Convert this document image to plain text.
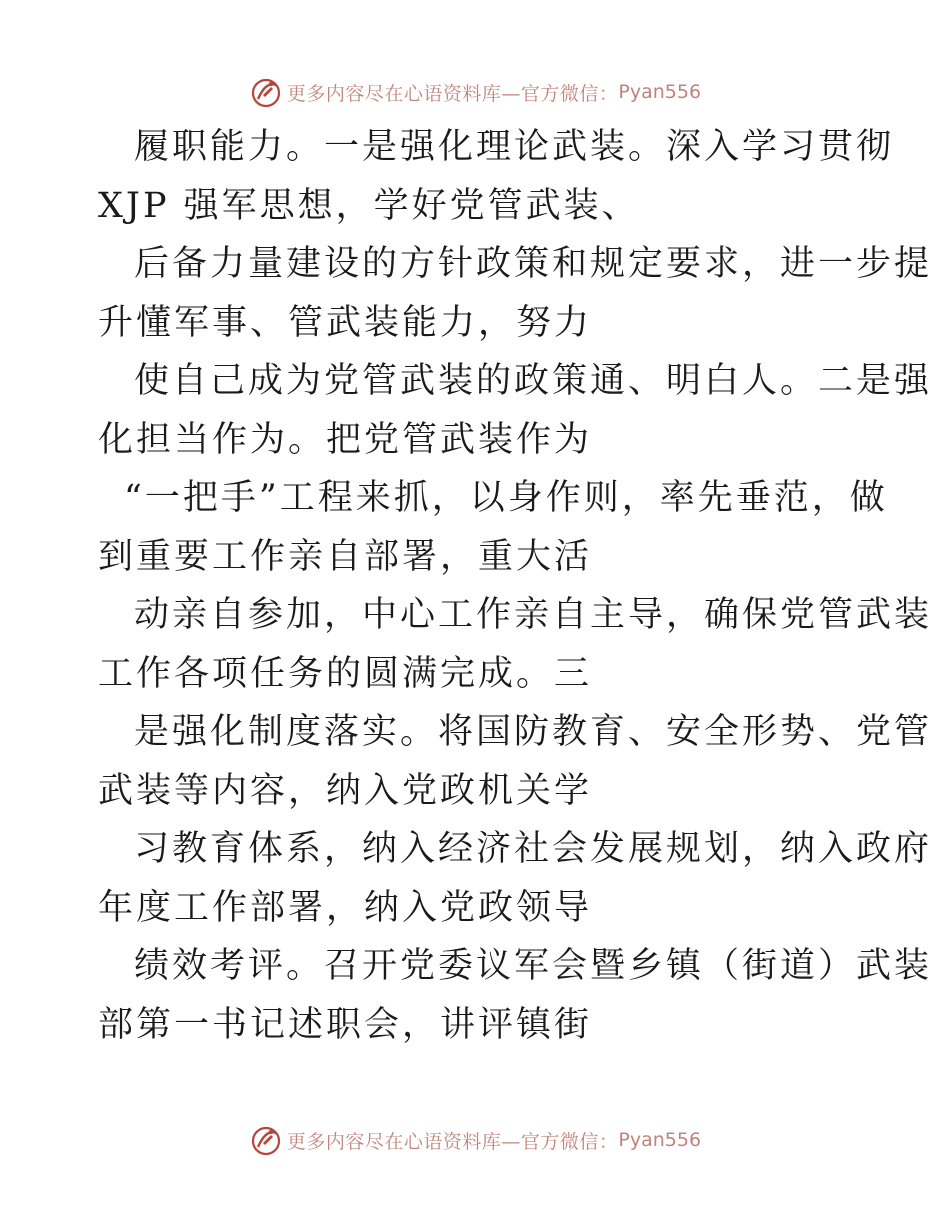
更多内容尽在心语资料库—官方微信： Pyan556
履职能力。一是强化理论武装。深入学习贯彻
XJP 强军思想，学好党管武装、
后备力量建设的方针政策和规定要求，进一步提
升懂军事、管武装能力，努力
使自己成为党管武装的政策通、明白人。二是强
化担当作为。把党管武装作为
“一把手”工程来抓，以身作则，率先垂范，做
到重要工作亲自部署，重大活
动亲自参加，中心工作亲自主导，确保党管武装
工作各项任务的圆满完成。三
是强化制度落实。将国防教育、安全形势、党管
武装等内容，纳入党政机关学
习教育体系，纳入经济社会发展规划，纳入政府
年度工作部署，纳入党政领导
绩效考评。召开党委议军会暨乡镇（街道）武装
部第一书记述职会，讲评镇街
更多内容尽在心语资料库—官方微信： Pyan556
